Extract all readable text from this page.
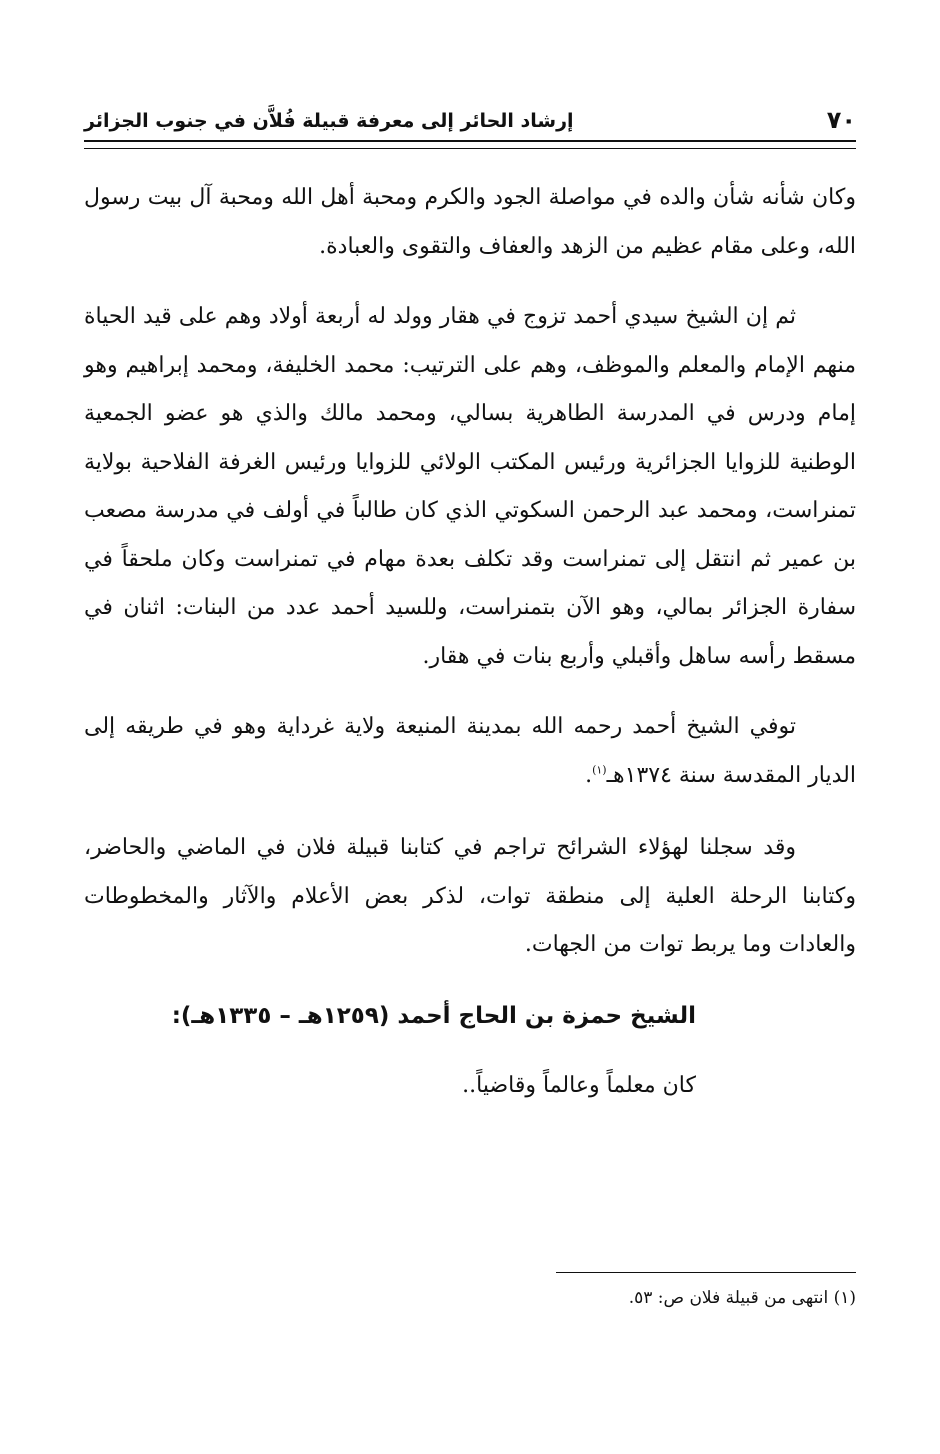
٧٠
إرشاد الحائر إلى معرفة قبيلة فُلاَّن في جنوب الجزائر

وكان شأنه شأن والده في مواصلة الجود والكرم ومحبة أهل الله ومحبة آل بيت رسول الله، وعلى مقام عظيم من الزهد والعفاف والتقوى والعبادة.

ثم إن الشيخ سيدي أحمد تزوج في هقار وولد له أربعة أولاد وهم على قيد الحياة منهم الإمام والمعلم والموظف، وهم على الترتيب: محمد الخليفة، ومحمد إبراهيم وهو إمام ودرس في المدرسة الطاهرية بسالي، ومحمد مالك والذي هو عضو الجمعية الوطنية للزوايا الجزائرية ورئيس المكتب الولائي للزوايا ورئيس الغرفة الفلاحية بولاية تمنراست، ومحمد عبد الرحمن السكوتي الذي كان طالباً في أولف في مدرسة مصعب بن عمير ثم انتقل إلى تمنراست وقد تكلف بعدة مهام في تمنراست وكان ملحقاً في سفارة الجزائر بمالي، وهو الآن بتمنراست، وللسيد أحمد عدد من البنات: اثنان في مسقط رأسه ساهل وأقبلي وأربع بنات في هقار.

توفي الشيخ أحمد رحمه الله بمدينة المنيعة ولاية غرداية وهو في طريقه إلى الديار المقدسة سنة ١٣٧٤هـ$^{(١)}$.

وقد سجلنا لهؤلاء الشرائح تراجم في كتابنا قبيلة فلان في الماضي والحاضر، وكتابنا الرحلة العلية إلى منطقة توات، لذكر بعض الأعلام والآثار والمخطوطات والعادات وما يربط توات من الجهات.

الشيخ حمزة بن الحاج أحمد (١٢٥٩هـ – ١٣٣٥هـ):

كان معلماً وعالماً وقاضياً..

(١) انتهى من قبيلة فلان ص: ٥٣.
